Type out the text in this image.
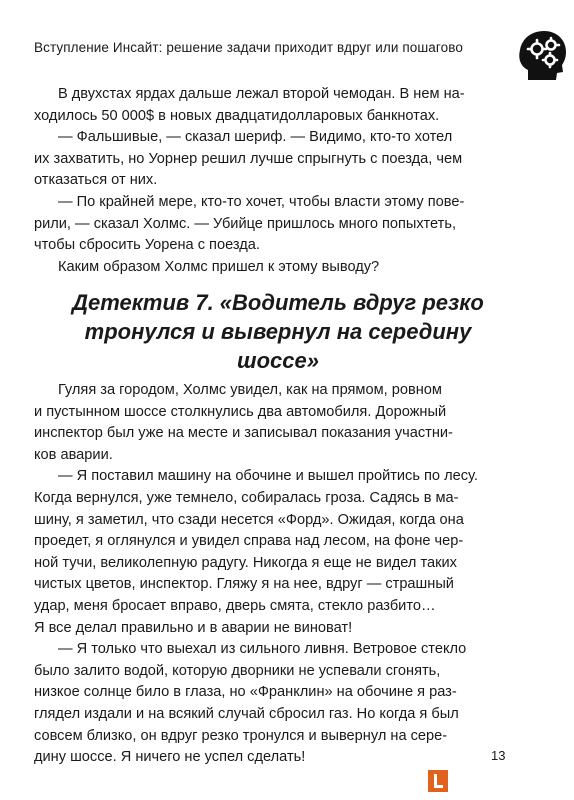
Вступление Инсайт: решение задачи приходит вдруг или пошагово

В двухстах ярдах дальше лежал второй чемодан. В нем на-

ходилось 50 000$ в новых двадцатидолларовых банкнотах.

— Фальшивые, — сказал шериф. — Видимо, кто-то хотел

их захватить, но Уорнер решил лучше спрыгнуть с поезда, чем

отказаться от них.

— По крайней мере, кто-то хочет, чтобы власти этому пове-

рили, — сказал Холмс. — Убийце пришлось много попыхтеть,

чтобы сбросить Уорена с поезда.

Каким образом Холмс пришел к этому выводу?

Детектив 7. «Водитель вдруг резко
тронулся и вывернул на середину
шоссе»

Гуляя за городом, Холмс увидел, как на прямом, ровном

и пустынном шоссе столкнулись два автомобиля. Дорожный

инспектор был уже на месте и записывал показания участни-

ков аварии.

— Я поставил машину на обочине и вышел пройтись по лесу.

Когда вернулся, уже темнело, собиралась гроза. Садясь в ма-

шину, я заметил, что сзади несется «Форд». Ожидая, когда она

проедет, я оглянулся и увидел справа над лесом, на фоне чер-

ной тучи, великолепную радугу. Никогда я еще не видел таких

чистых цветов, инспектор. Гляжу я на нее, вдруг — страшный

удар, меня бросает вправо, дверь смята, стекло разбито…

Я все делал правильно и в аварии не виноват!

— Я только что выехал из сильного ливня. Ветровое стекло

было залито водой, которую дворники не успевали сгонять,

низкое солнце било в глаза, но «Франклин» на обочине я раз-

глядел издали и на всякий случай сбросил газ. Но когда я был

совсем близко, он вдруг резко тронулся и вывернул на сере-

дину шоссе. Я ничего не успел сделать!	13
